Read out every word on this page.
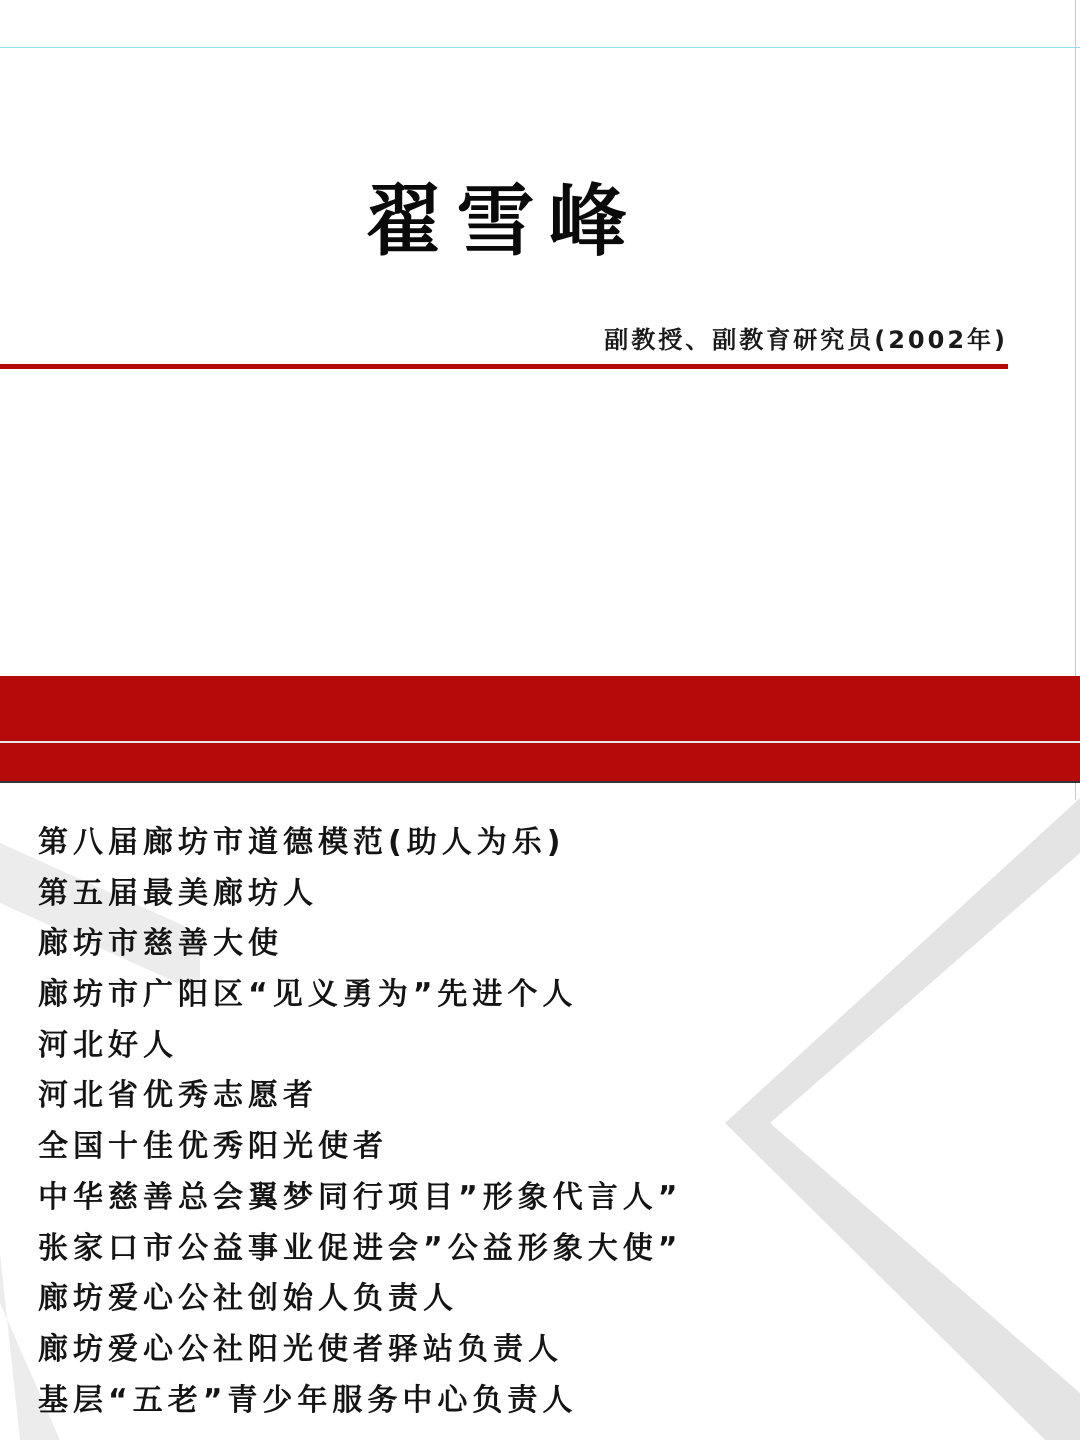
翟雪峰
副教授、副教育研究员(2002年)
第八届廊坊市道德模范(助人为乐)
第五届最美廊坊人
廊坊市慈善大使
廊坊市广阳区“见义勇为”先进个人
河北好人
河北省优秀志愿者
全国十佳优秀阳光使者
中华慈善总会翼梦同行项目”形象代言人”
张家口市公益事业促进会”公益形象大使”
廊坊爱心公社创始人负责人
廊坊爱心公社阳光使者驿站负责人
基层“五老”青少年服务中心负责人
